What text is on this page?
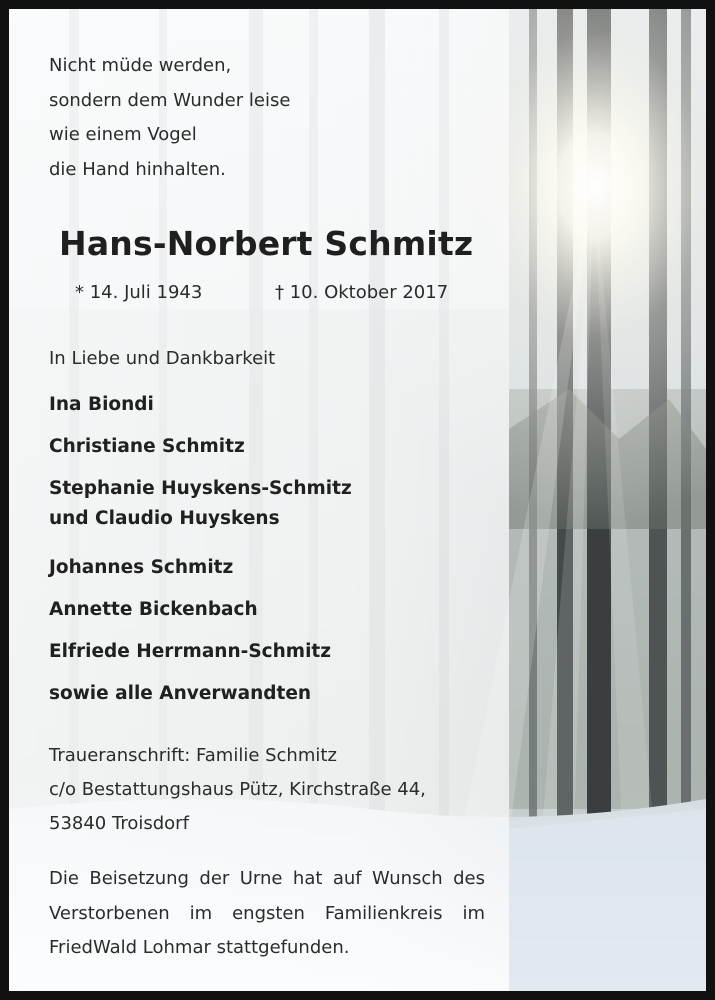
Nicht müde werden,
sondern dem Wunder leise
wie einem Vogel
die Hand hinhalten.
Hans-Norbert Schmitz
* 14. Juli 1943	† 10. Oktober 2017
In Liebe und Dankbarkeit
Ina Biondi
Christiane Schmitz
Stephanie Huyskens-Schmitz
und Claudio Huyskens
Johannes Schmitz
Annette Bickenbach
Elfriede Herrmann-Schmitz
sowie alle Anverwandten
Traueranschrift: Familie Schmitz
c/o Bestattungshaus Pütz, Kirchstraße 44,
53840 Troisdorf
Die Beisetzung der Urne hat auf Wunsch des Verstorbenen im engsten Familienkreis im FriedWald Lohmar stattgefunden.
